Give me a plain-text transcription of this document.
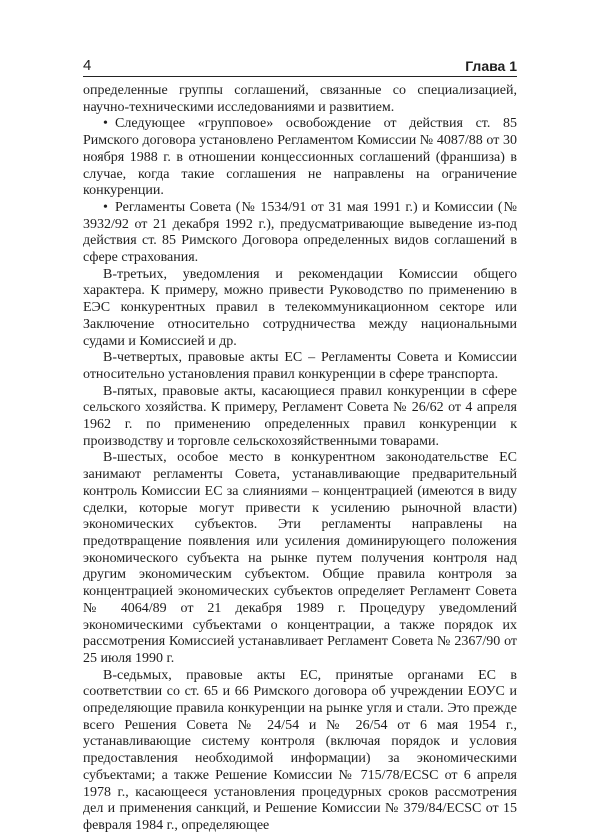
4	Глава 1

определенные группы соглашений, связанные со специализацией, научно-техническими исследованиями и развитием.

• Следующее «групповое» освобождение от действия ст. 85 Римского договора установлено Регламентом Комиссии № 4087/88 от 30 ноября 1988 г. в отношении концессионных соглашений (франшиза) в случае, когда такие соглашения не направлены на ограничение конкуренции.

• Регламенты Совета (№ 1534/91 от 31 мая 1991 г.) и Комиссии (№ 3932/92 от 21 декабря 1992 г.), предусматривающие выведение из-под действия ст. 85 Римского Договора определенных видов соглашений в сфере страхования.

В-третьих, уведомления и рекомендации Комиссии общего характера. К примеру, можно привести Руководство по применению в ЕЭС конкурентных правил в телекоммуникационном секторе или Заключение относительно сотрудничества между национальными судами и Комиссией и др.

В-четвертых, правовые акты ЕС – Регламенты Совета и Комиссии относительно установления правил конкуренции в сфере транспорта.

В-пятых, правовые акты, касающиеся правил конкуренции в сфере сельского хозяйства. К примеру, Регламент Совета № 26/62 от 4 апреля 1962 г. по применению определенных правил конкуренции к производству и торговле сельскохозяйственными товарами.

В-шестых, особое место в конкурентном законодательстве ЕС занимают регламенты Совета, устанавливающие предварительный контроль Комиссии ЕС за слияниями – концентрацией (имеются в виду сделки, которые могут привести к усилению рыночной власти) экономических субъектов. Эти регламенты направлены на предотвращение появления или усиления доминирующего положения экономического субъекта на рынке путем получения контроля над другим экономическим субъектом. Общие правила контроля за концентрацией экономических субъектов определяет Регламент Совета № 4064/89 от 21 декабря 1989 г. Процедуру уведомлений экономическими субъектами о концентрации, а также порядок их рассмотрения Комиссией устанавливает Регламент Совета № 2367/90 от 25 июля 1990 г.

В-седьмых, правовые акты ЕС, принятые органами ЕС в соответствии со ст. 65 и 66 Римского договора об учреждении ЕОУС и определяющие правила конкуренции на рынке угля и стали. Это прежде всего Решения Совета № 24/54 и № 26/54 от 6 мая 1954 г., устанавливающие систему контроля (включая порядок и условия предоставления необходимой информации) за экономическими субъектами; а также Решение Комиссии № 715/78/ECSC от 6 апреля 1978 г., касающееся установления процедурных сроков рассмотрения дел и применения санкций, и Решение Комиссии № 379/84/ECSC от 15 февраля 1984 г., определяющее
